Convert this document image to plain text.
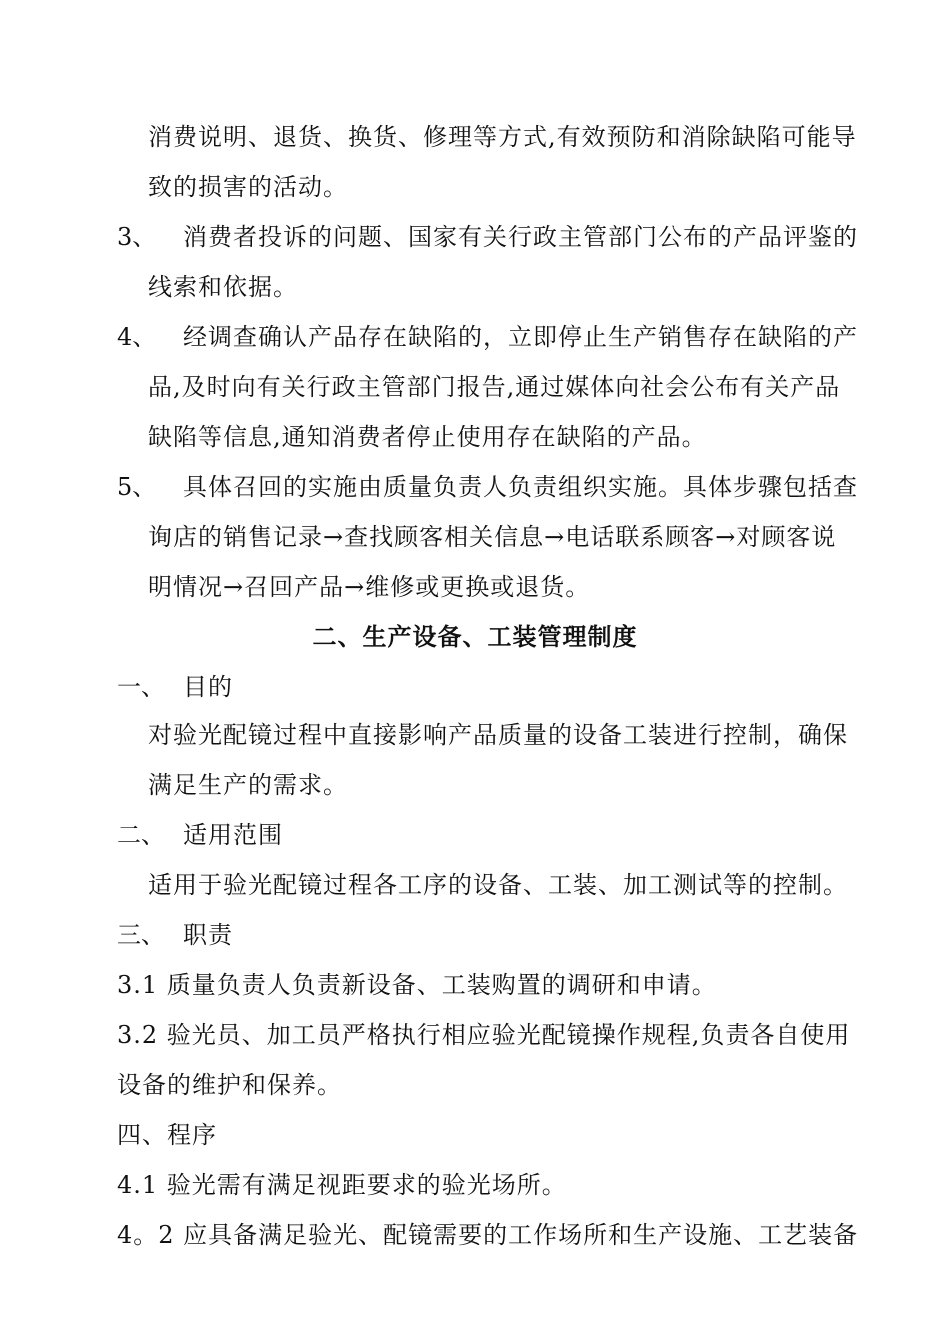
消费说明、退货、换货、修理等方式,有效预防和消除缺陷可能导
致的损害的活动。
3、 消费者投诉的问题、国家有关行政主管部门公布的产品评鉴的
线索和依据。
4、 经调查确认产品存在缺陷的，立即停止生产销售存在缺陷的产
品,及时向有关行政主管部门报告,通过媒体向社会公布有关产品
缺陷等信息,通知消费者停止使用存在缺陷的产品。
5、 具体召回的实施由质量负责人负责组织实施。具体步骤包括查
询店的销售记录→查找顾客相关信息→电话联系顾客→对顾客说
明情况→召回产品→维修或更换或退货。
二、生产设备、工装管理制度
一、 目的
对验光配镜过程中直接影响产品质量的设备工装进行控制，确保
满足生产的需求。
二、 适用范围
适用于验光配镜过程各工序的设备、工装、加工测试等的控制。
三、 职责
3.1 质量负责人负责新设备、工装购置的调研和申请。
3.2 验光员、加工员严格执行相应验光配镜操作规程,负责各自使用
设备的维护和保养。
四、程序
4.1 验光需有满足视距要求的验光场所。
4。2 应具备满足验光、配镜需要的工作场所和生产设施、工艺装备
